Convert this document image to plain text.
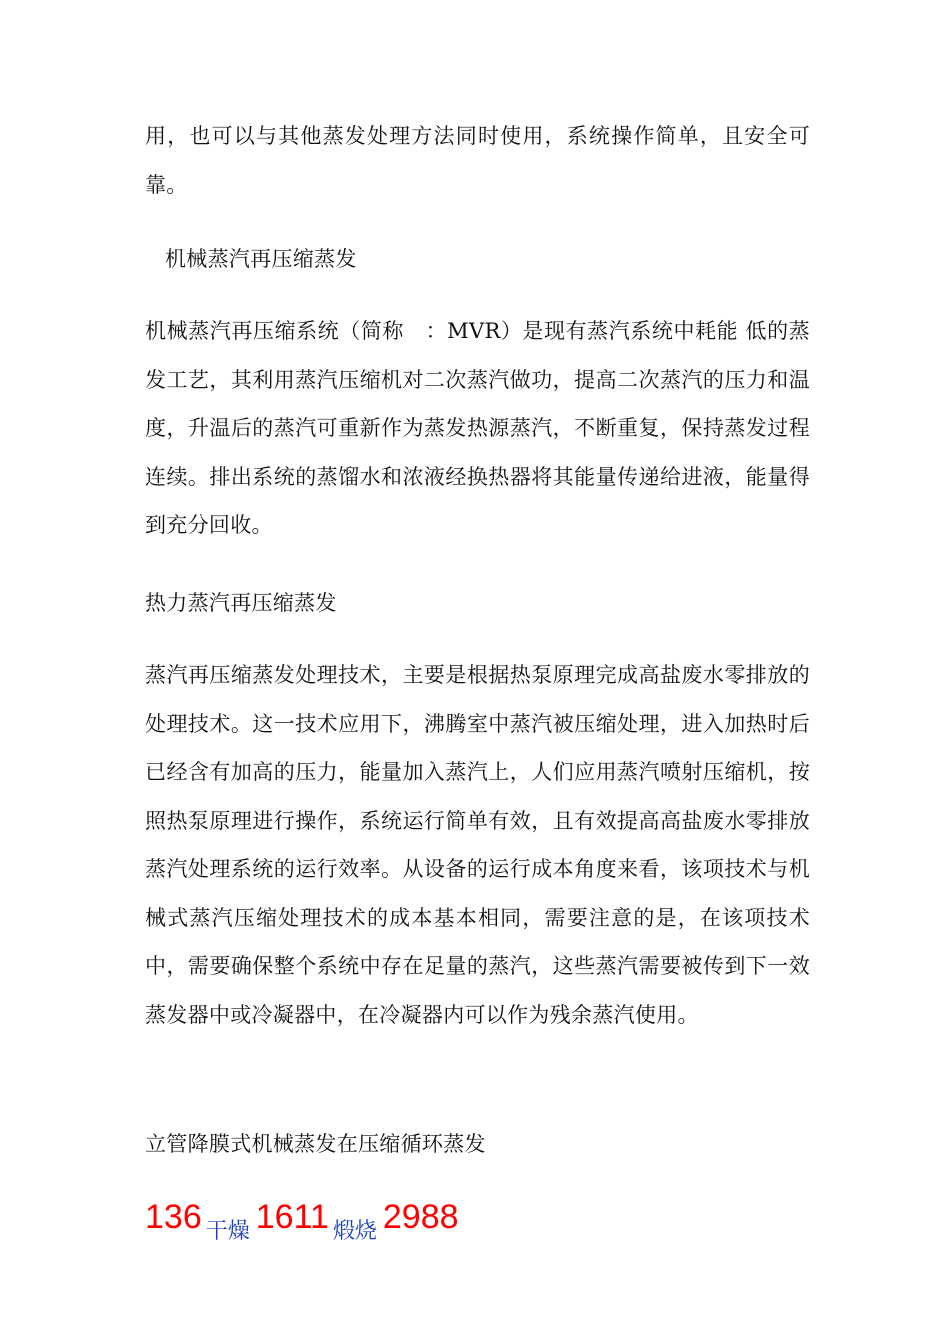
用，也可以与其他蒸发处理方法同时使用，系统操作简单，且安全可靠。

机械蒸汽再压缩蒸发

机械蒸汽再压缩系统（简称　：MVR）是现有蒸汽系统中耗能 低的蒸发工艺，其利用蒸汽压缩机对二次蒸汽做功，提高二次蒸汽的压力和温度，升温后的蒸汽可重新作为蒸发热源蒸汽，不断重复，保持蒸发过程连续。排出系统的蒸馏水和浓液经换热器将其能量传递给进液，能量得到充分回收。

热力蒸汽再压缩蒸发

蒸汽再压缩蒸发处理技术，主要是根据热泵原理完成高盐废水零排放的处理技术。这一技术应用下，沸腾室中蒸汽被压缩处理，进入加热时后已经含有加高的压力，能量加入蒸汽上，人们应用蒸汽喷射压缩机，按照热泵原理进行操作，系统运行简单有效，且有效提高高盐废水零排放蒸汽处理系统的运行效率。从设备的运行成本角度来看，该项技术与机械式蒸汽压缩处理技术的成本基本相同，需要注意的是，在该项技术中，需要确保整个系统中存在足量的蒸汽，这些蒸汽需要被传到下一效蒸发器中或冷凝器中，在冷凝器内可以作为残余蒸汽使用。

立管降膜式机械蒸发在压缩循环蒸发

136 干燥 1611 煅烧 2988
